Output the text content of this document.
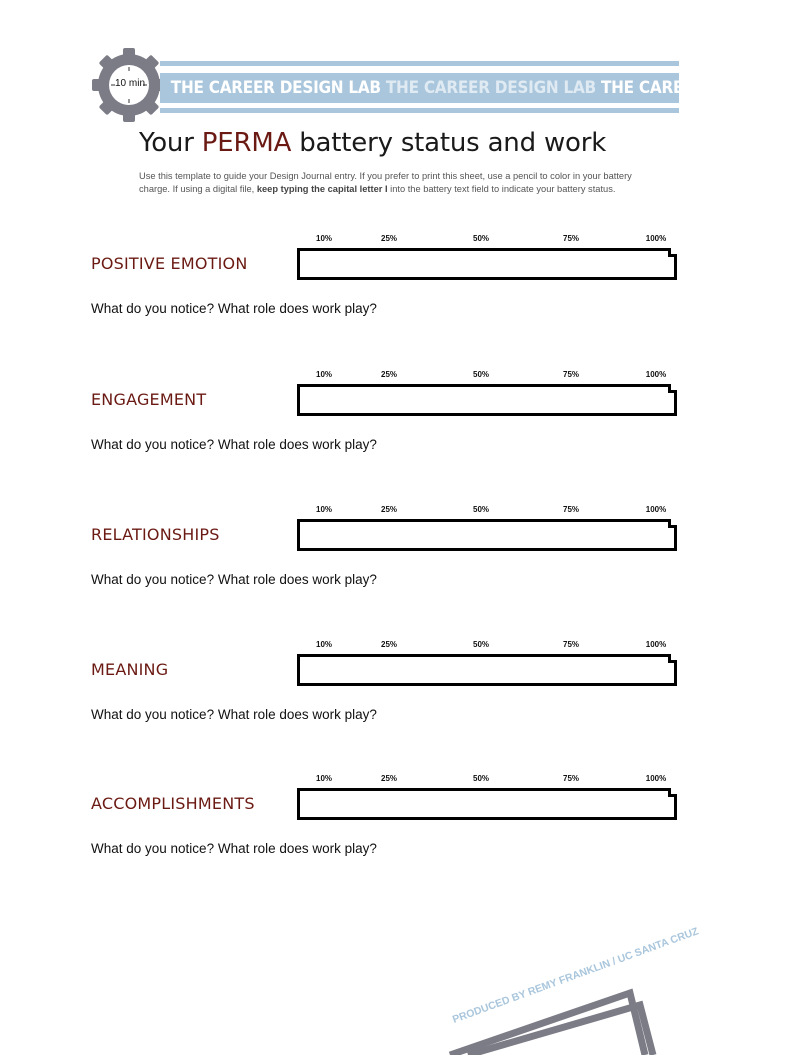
10 min	THE CAREER DESIGN LAB THE CAREER DESIGN LAB THE CAREER DESIGN LAB
Your PERMA battery status and work

Use this template to guide your Design Journal entry. If you prefer to print this sheet, use a pencil to color in your battery charge. If using a digital file, keep typing the capital letter I into the battery text field to indicate your battery status.

10%	25%	50%	75%	100%
POSITIVE EMOTION
What do you notice? What role does work play?
10%	25%	50%	75%	100%
ENGAGEMENT
What do you notice? What role does work play?
10%	25%	50%	75%	100%
RELATIONSHIPS
What do you notice? What role does work play?
10%	25%	50%	75%	100%
MEANING
What do you notice? What role does work play?
10%	25%	50%	75%	100%
ACCOMPLISHMENTS
What do you notice? What role does work play?
PRODUCED BY REMY FRANKLIN / UC SANTA CRUZ
